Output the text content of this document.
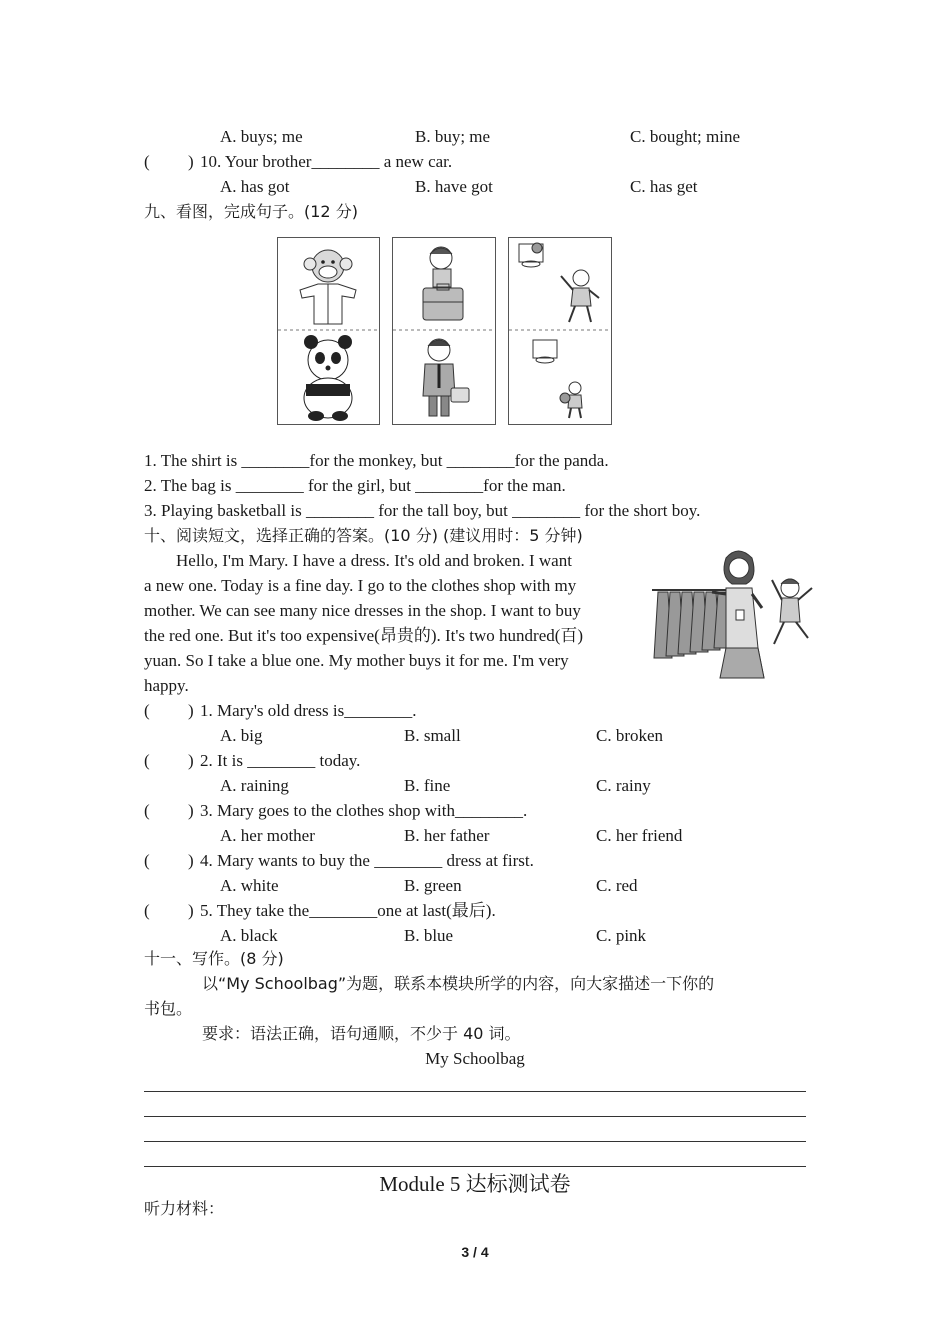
A. buys; me	B. buy; me	C. bought; mine
( ) 10. Your brother________ a new car.
A. has got	B. have got	C. has get
九、看图，完成句子。(12 分)
1. The shirt is ________for the monkey, but ________for the panda.
2. The bag is ________ for the girl, but ________for the man.
3. Playing basketball is ________ for the tall boy, but ________ for the short boy.
十、阅读短文，选择正确的答案。(10 分) (建议用时：5 分钟)
Hello, I'm Mary. I have a dress. It's old and broken. I want
a new one. Today is a fine day. I go to the clothes shop with my
mother. We can see many nice dresses in the shop. I want to buy
the red one. But it's too expensive(昂贵的). It's two hundred(百)
yuan. So I take a blue one. My mother buys it for me. I'm very
happy.
( ) 1. Mary's old dress is________.
A. big	B. small	C. broken
( ) 2. It is ________ today.
A. raining	B. fine	C. rainy
( ) 3. Mary goes to the clothes shop with________.
A. her mother	B. her father	C. her friend
( ) 4. Mary wants to buy the ________ dress at first.
A. white	B. green	C. red
( ) 5. They take the________one at last(最后).
A. black	B. blue	C. pink
十一、写作。(8 分)
以“My Schoolbag”为题，联系本模块所学的内容，向大家描述一下你的
书包。
要求：语法正确，语句通顺，不少于 40 词。
My Schoolbag
Module 5 达标测试卷
听力材料：
3 / 4
